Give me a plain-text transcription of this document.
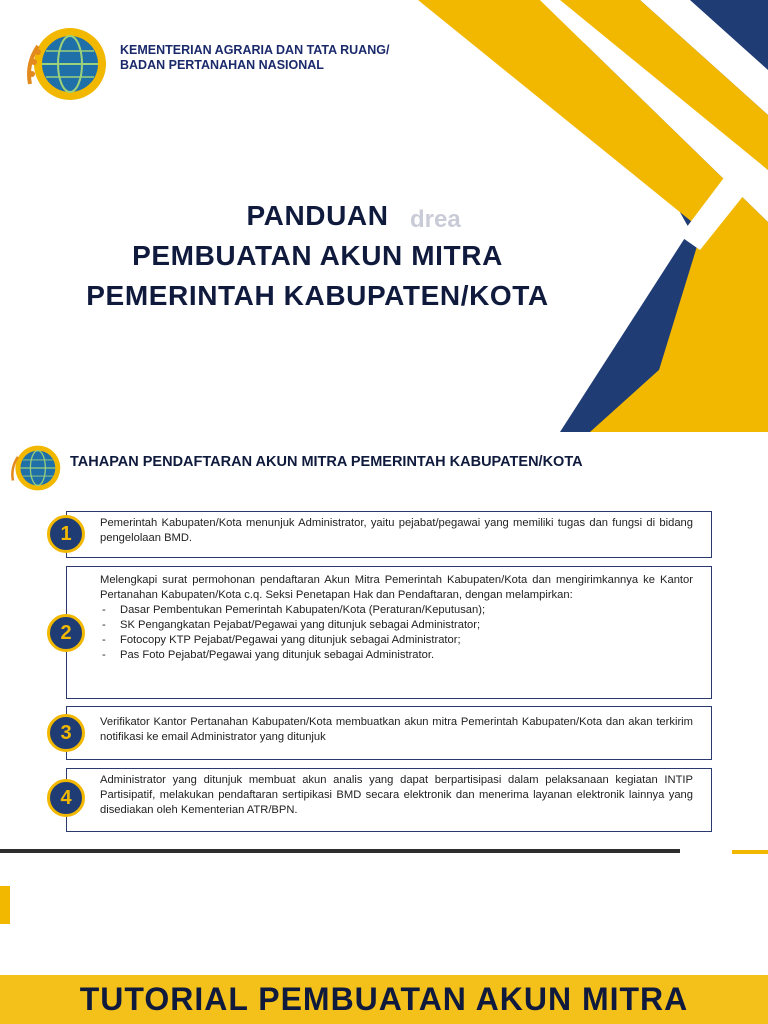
KEMENTERIAN AGRARIA DAN TATA RUANG/
BADAN PERTANAHAN NASIONAL
drea
PANDUAN
PEMBUATAN AKUN MITRA
PEMERINTAH KABUPATEN/KOTA
TAHAPAN PENDAFTARAN AKUN MITRA PEMERINTAH KABUPATEN/KOTA
Pemerintah Kabupaten/Kota menunjuk Administrator, yaitu pejabat/pegawai yang memiliki tugas dan fungsi di bidang pengelolaan BMD.
1
Melengkapi surat permohonan pendaftaran Akun Mitra Pemerintah Kabupaten/Kota dan mengirimkannya ke Kantor Pertanahan Kabupaten/Kota c.q. Seksi Penetapan Hak dan Pendaftaran, dengan melampirkan:
- Dasar Pembentukan Pemerintah Kabupaten/Kota (Peraturan/Keputusan);
- SK Pengangkatan Pejabat/Pegawai yang ditunjuk sebagai Administrator;
- Fotocopy KTP Pejabat/Pegawai yang ditunjuk sebagai Administrator;
- Pas Foto Pejabat/Pegawai yang ditunjuk sebagai Administrator.
2
Verifikator Kantor Pertanahan Kabupaten/Kota membuatkan akun mitra Pemerintah Kabupaten/Kota dan akan terkirim notifikasi ke email Administrator yang ditunjuk
3
Administrator yang ditunjuk membuat akun analis yang dapat berpartisipasi dalam pelaksanaan kegiatan INTIP Partisipatif, melakukan pendaftaran sertipikasi BMD secara elektronik dan menerima layanan elektronik lainnya yang disediakan oleh Kementerian ATR/BPN.
4
TUTORIAL PEMBUATAN AKUN MITRA
